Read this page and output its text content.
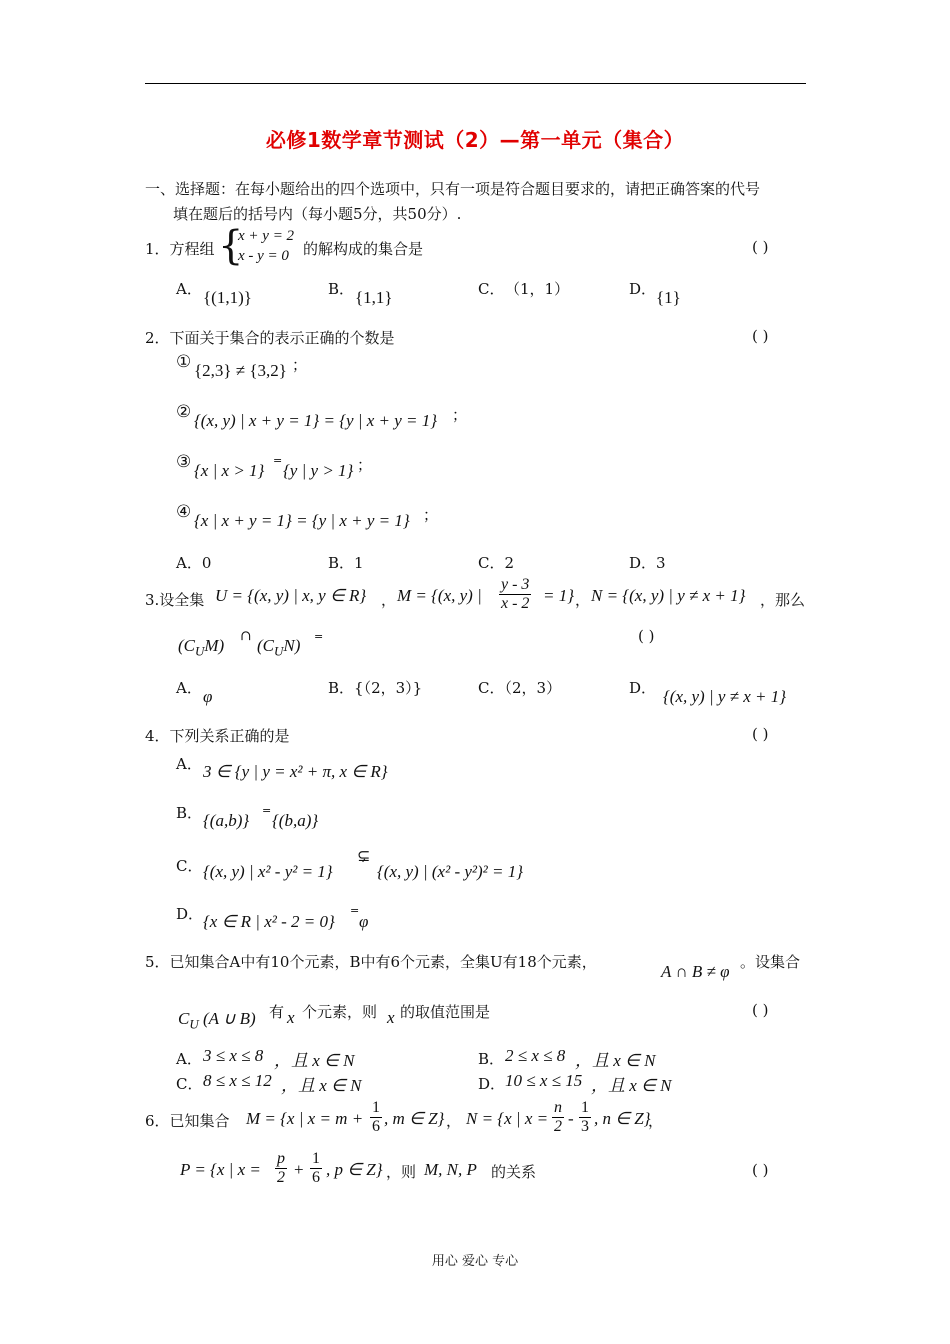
必修1数学章节测试（2）—第一单元（集合）
一、选择题：在每小题给出的四个选项中，只有一项是符合题目要求的，请把正确答案的代号
填在题后的括号内（每小题5分，共50分）.
1．方程组 {
x + y = 2
x - y = 0 的解构成的集合是	( )
A． {(1,1)}	B． {1,1}	C． （1，1）	D． {1}
2．下面关于集合的表示正确的个数是	( )
① {2,3} ≠ {3,2} ；
② {(x, y) | x + y = 1} = {y | x + y = 1} ；
③ {x | x > 1}
=
{y | y > 1} ；
④ {x | x + y = 1} = {y | x + y = 1} ；
A．0	B．1	C．2	D．3
3.设全集 U = {(x, y) | x, y ∈ R} ， M = {(x, y) | $\frac{y - 3}{x - 2} = 1$} ， N = {(x, y) | y ≠ x + 1} ，那么
$(C_UM)$ ∩ $(C_UN)$ =	( )
A． φ	B．{（2，3）}	C．（2，3）	D． {(x, y) | y ≠ x + 1}
4．下列关系正确的是	( )
A． 3 ∈ {y | y = x² + π, x ∈ R}
B． {(a,b)}
=
{(b,a)}
C． {(x, y) | x² - y² = 1}
⊊
{(x, y) | (x² - y²)² = 1}
D． {x ∈ R | x² - 2 = 0}
=
φ
5．已知集合A中有10个元素，B中有6个元素，全集U有18个元素，	A ∩ B ≠ φ 。设集合
$C_U$ (A ∪ B) 有 x 个元素，则 x 的取值范围是	( )
A． 3 ≤ x ≤ 8 ，且 x ∈ N	B． 2 ≤ x ≤ 8 ，且 x ∈ N
C． 8 ≤ x ≤ 12 ，且 x ∈ N	D． 10 ≤ x ≤ 15 ，且 x ∈ N
6．已知集合 M = {x | $x = m + \frac{1}{6}$ , m ∈ Z} ， N = {x | $x = \frac{n}{2} - \frac{1}{3}$ , n ∈ Z}
，
P = {x | $x = \frac{p}{2} + \frac{1}{6}$ , p ∈ Z} ，则 M, N, P 的关系	( )
用心 爱心 专心
